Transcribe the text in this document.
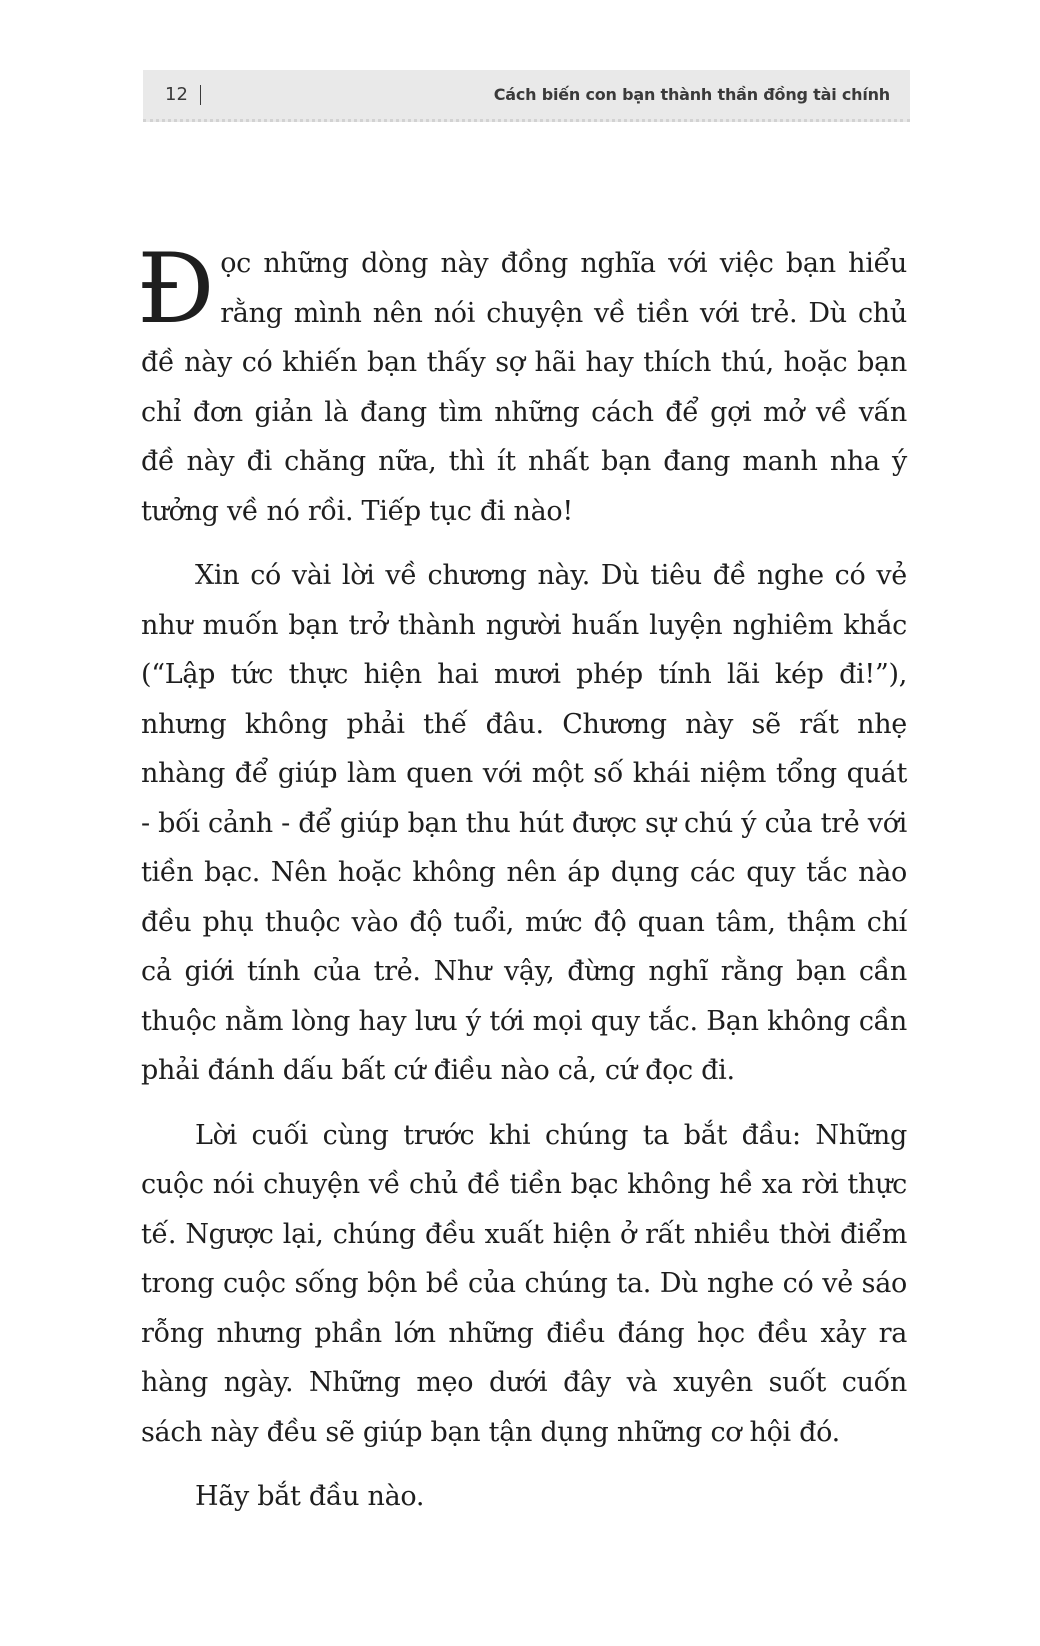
12	Cách biến con bạn thành thần đồng tài chính

Đọc những dòng này đồng nghĩa với việc bạn hiểu rằng mình nên nói chuyện về tiền với trẻ. Dù chủ đề này có khiến bạn thấy sợ hãi hay thích thú, hoặc bạn chỉ đơn giản là đang tìm những cách để gợi mở về vấn đề này đi chăng nữa, thì ít nhất bạn đang manh nha ý tưởng về nó rồi. Tiếp tục đi nào!

Xin có vài lời về chương này. Dù tiêu đề nghe có vẻ như muốn bạn trở thành người huấn luyện nghiêm khắc (“Lập tức thực hiện hai mươi phép tính lãi kép đi!”), nhưng không phải thế đâu. Chương này sẽ rất nhẹ nhàng để giúp làm quen với một số khái niệm tổng quát - bối cảnh - để giúp bạn thu hút được sự chú ý của trẻ với tiền bạc. Nên hoặc không nên áp dụng các quy tắc nào đều phụ thuộc vào độ tuổi, mức độ quan tâm, thậm chí cả giới tính của trẻ. Như vậy, đừng nghĩ rằng bạn cần thuộc nằm lòng hay lưu ý tới mọi quy tắc. Bạn không cần phải đánh dấu bất cứ điều nào cả, cứ đọc đi.

Lời cuối cùng trước khi chúng ta bắt đầu: Những cuộc nói chuyện về chủ đề tiền bạc không hề xa rời thực tế. Ngược lại, chúng đều xuất hiện ở rất nhiều thời điểm trong cuộc sống bộn bề của chúng ta. Dù nghe có vẻ sáo rỗng nhưng phần lớn những điều đáng học đều xảy ra hàng ngày. Những mẹo dưới đây và xuyên suốt cuốn sách này đều sẽ giúp bạn tận dụng những cơ hội đó.

Hãy bắt đầu nào.
